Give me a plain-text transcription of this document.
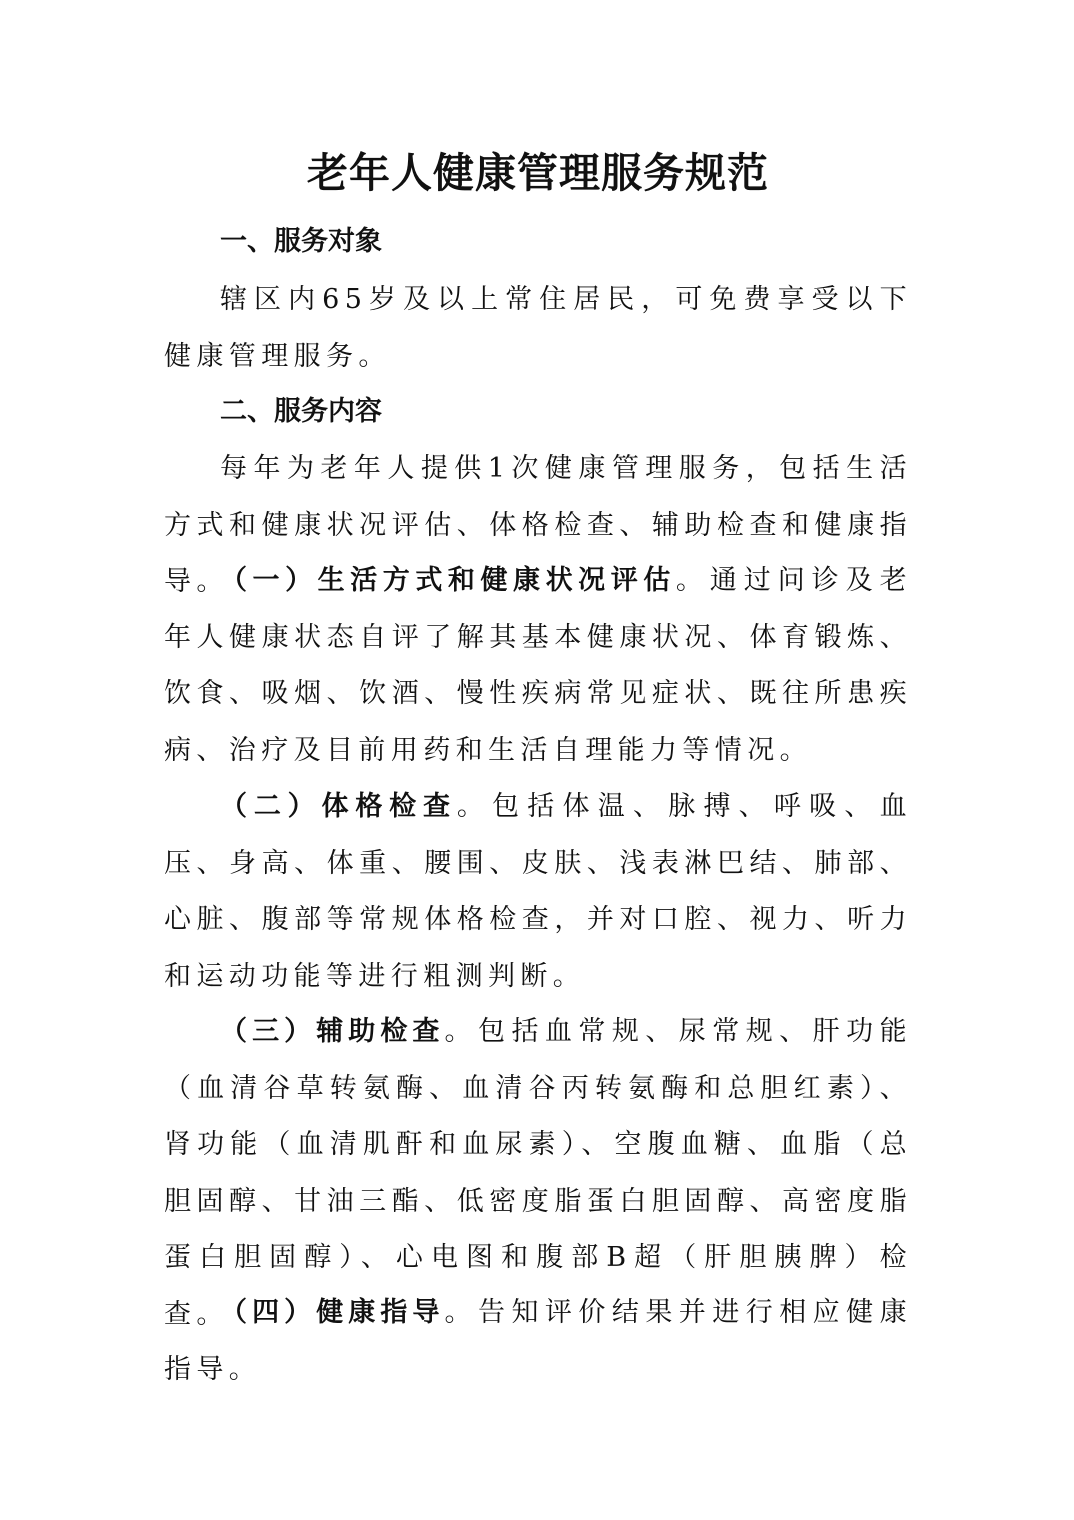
老年人健康管理服务规范
一、服务对象

辖区内65岁及以上常住居民，可免费享受以下健康管理服务。

二、服务内容

每年为老年人提供1次健康管理服务，包括生活方式和健康状况评估、体格检查、辅助检查和健康指导。

（一）生活方式和健康状况评估。通过问诊及老年人健康状态自评了解其基本健康状况、体育锻炼、饮食、吸烟、饮酒、慢性疾病常见症状、既往所患疾病、治疗及目前用药和生活自理能力等情况。

（二）体格检查。包括体温、脉搏、呼吸、血压、身高、体重、腰围、皮肤、浅表淋巴结、肺部、心脏、腹部等常规体格检查，并对口腔、视力、听力和运动功能等进行粗测判断。

（三）辅助检查。包括血常规、尿常规、肝功能（血清谷草转氨酶、血清谷丙转氨酶和总胆红素）、肾功能（血清肌酐和血尿素）、空腹血糖、血脂（总胆固醇、甘油三酯、低密度脂蛋白胆固醇、高密度脂蛋白胆固醇）、心电图和腹部B超（肝胆胰脾）检查。

（四）健康指导。告知评价结果并进行相应健康指导。
